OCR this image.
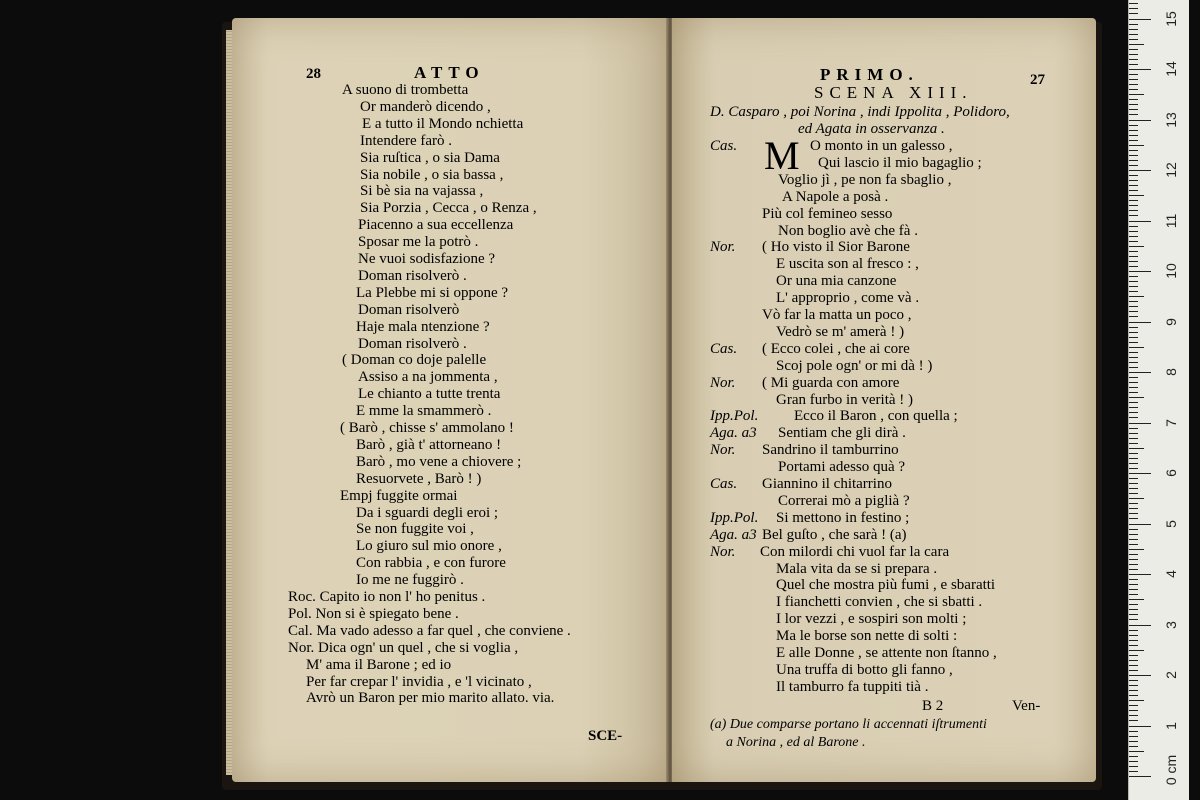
28	ATTO
A suono di trombetta
Or manderò dicendo ,
E a tutto il Mondo nchietta
Intendere farò .
Sia ruſtica , o sia Dama
Sia nobile , o sia bassa ,
Si bè sia na vajassa ,
Sia Porzia , Cecca , o Renza ,
Piacenno a sua eccellenza
Sposar me la potrò .
Ne vuoi sodisfazione ?
Doman risolverò .
La Plebbe mi si oppone ?
Doman risolverò
Haje mala ntenzione ?
Doman risolverò .
( Doman co doje palelle
Assiso a na jommenta ,
Le chianto a tutte trenta
E mme la smammerò .
( Barò , chisse s' ammolano !
Barò , già t' attorneano !
Barò , mo vene a chiovere ;
Resuorvete , Barò ! )
Empj fuggite ormai
Da i sguardi degli eroi ;
Se non fuggite voi ,
Lo giuro sul mio onore ,
Con rabbia , e con furore
Io me ne fuggirò .
Roc. Capito io non l' ho penitus .
Pol. Non si è spiegato bene .
Cal. Ma vado adesso a far quel , che conviene .
Nor. Dica ogn' un quel , che si voglia ,
M' ama il Barone ; ed io
Per far crepar l' invidia , e 'l vicinato ,
Avrò un Baron per mio marito allato. via.
SCE-
PRIMO.	27
SCENA XIII.
D. Casparo , poi Norina , indi Ippolita , Polidoro,
ed Agata in osservanza .
M
Cas.	O monto in un galesso ,
Qui lascio il mio bagaglio ;
Voglio jì , pe non fa sbaglio ,
A Napole a posà .
Più col femineo sesso
Non boglio avè che fà .
Nor. ( Ho visto il Sior Barone
E uscita son al fresco : ,
Or una mia canzone
L' approprio , come và .
Vò far la matta un poco ,
Vedrò se m' amerà ! )
Cas. ( Ecco colei , che ai core
Scoj pole ogn' or mi dà ! )
Nor. ( Mi guarda con amore
Gran furbo in verità ! )
Ipp.Pol. Ecco il Baron , con quella ;
Aga. a3 Sentiam che gli dirà .
Nor. Sandrino il tamburrino
Portami adesso quà ?
Cas. Giannino il chitarrino
Correrai mò a piglià ?
Ipp.Pol. Si mettono in festino ;
Aga. a3 Bel guſto , che sarà ! (a)
Nor. Con milordi chi vuol far la cara
Mala vita da se si prepara .
Quel che mostra più fumi , e sbaratti
I fianchetti convien , che si sbatti .
I lor vezzi , e sospiri son molti ;
Ma le borse son nette di solti :
E alle Donne , se attente non ſtanno ,
Una truffa di botto gli fanno ,
Il tamburro fa tuppiti tià .
B 2	Ven-
(a) Due comparse portano li accennati iſtrumenti
a Norina , ed al Barone .
0 cm
1
2
3
4
5
6
7
8
9
10
11
12
13
14
15
